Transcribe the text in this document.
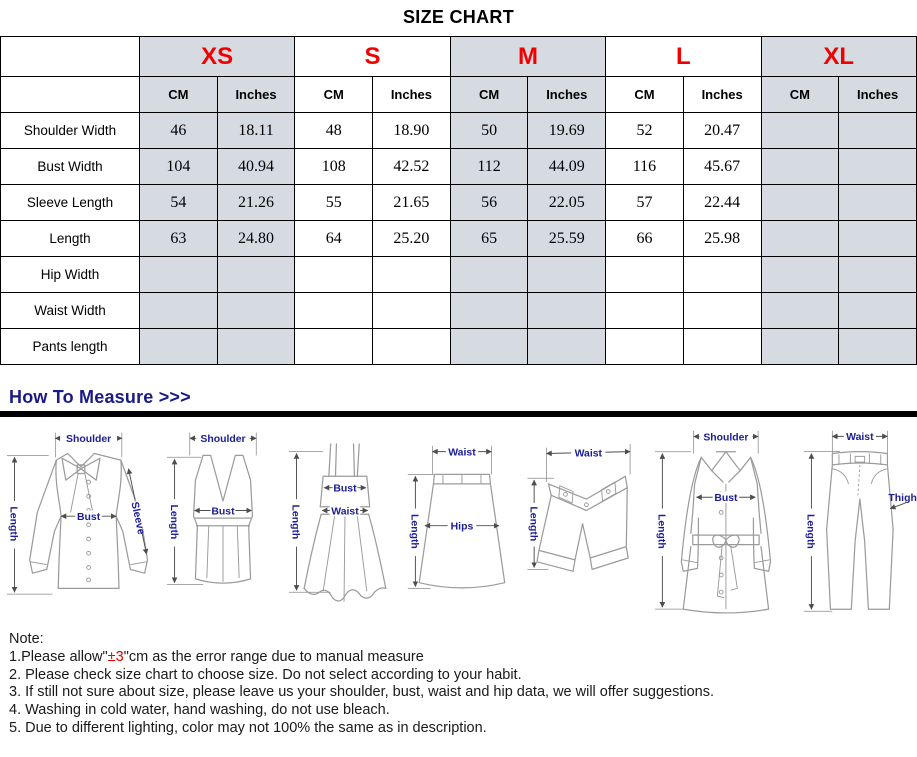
SIZE CHART
	XS		S		M		L		XL	
	CM	Inches	CM	Inches	CM	Inches	CM	Inches	CM	Inches
Shoulder Width	46	18.11	48	18.90	50	19.69	52	20.47		
Bust Width	104	40.94	108	42.52	112	44.09	116	45.67		
Sleeve Length	54	21.26	55	21.65	56	22.05	57	22.44		
Length	63	24.80	64	25.20	65	25.59	66	25.98		
Hip Width										
Waist Width										
Pants length										
How To Measure >>>
Shoulder
Length	Bust	Sleeve
Shoulder
Length	Bust	Length
Bust
Waist
Waist
Length	Hips
Waist
Length
Shoulder
Length
Bust
Waist
Length
Thigh
Note:
1.Please allow"±3"cm as the error range due to manual measure
2. Please check size chart to choose size. Do not select according to your habit.
3. If still not sure about size, please leave us your shoulder, bust, waist and hip data, we will offer suggestions.
4. Washing in cold water, hand washing, do not use bleach.
5. Due to different lighting, color may not 100% the same as in description.
